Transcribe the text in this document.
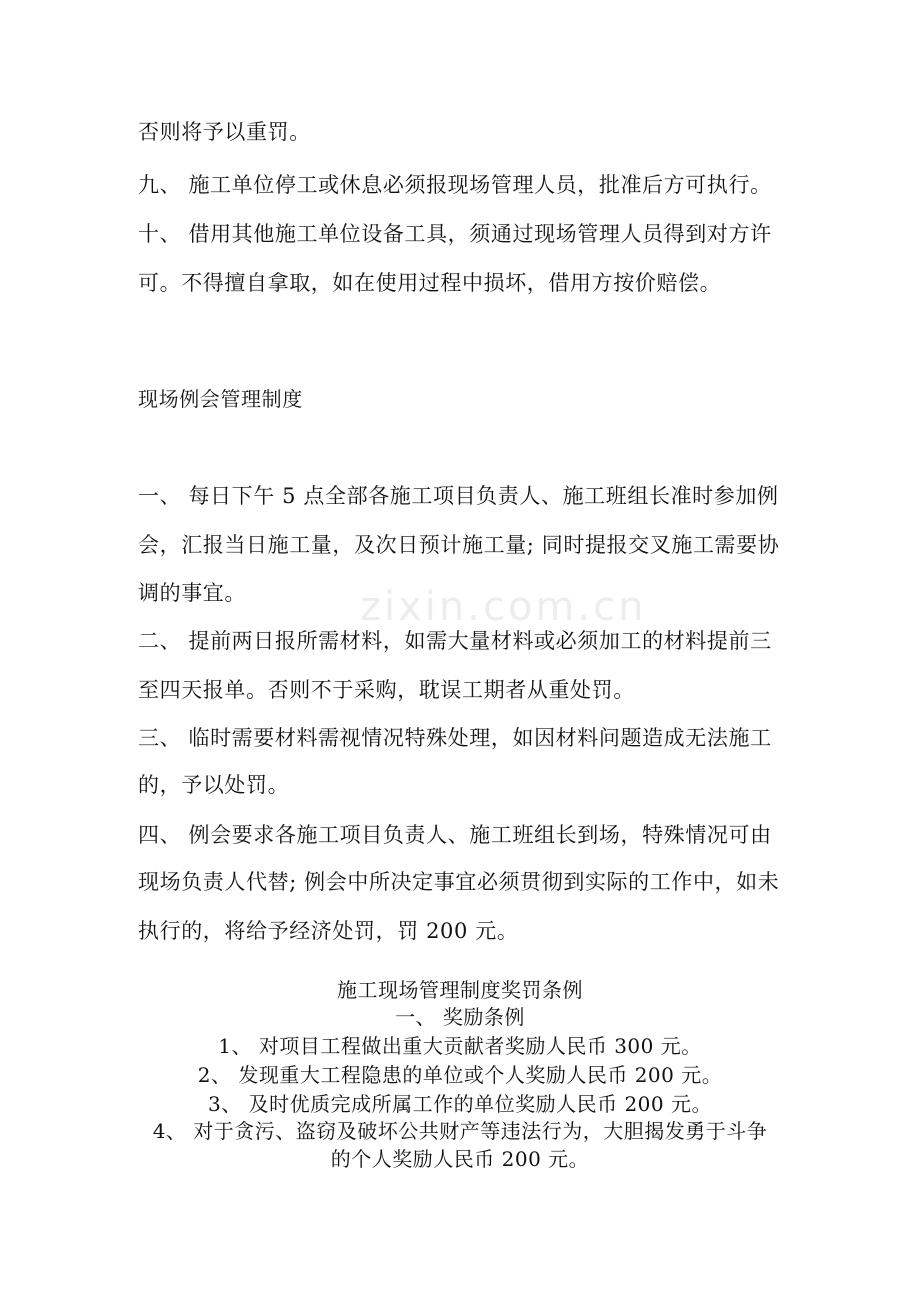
否则将予以重罚。
九、 施工单位停工或休息必须报现场管理人员，批准后方可执行。
十、 借用其他施工单位设备工具，须通过现场管理人员得到对方许
可。不得擅自拿取，如在使用过程中损坏，借用方按价赔偿。
现场例会管理制度
一、 每日下午 5 点全部各施工项目负责人、施工班组长准时参加例
会，汇报当日施工量，及次日预计施工量; 同时提报交叉施工需要协
调的事宜。
二、 提前两日报所需材料，如需大量材料或必须加工的材料提前三
至四天报单。否则不于采购，耽误工期者从重处罚。
三、 临时需要材料需视情况特殊处理，如因材料问题造成无法施工
的，予以处罚。
四、 例会要求各施工项目负责人、施工班组长到场，特殊情况可由
现场负责人代替; 例会中所决定事宜必须贯彻到实际的工作中，如未
执行的，将给予经济处罚，罚 200 元。
施工现场管理制度奖罚条例
一、 奖励条例
1、 对项目工程做出重大贡献者奖励人民币 300 元。
2、 发现重大工程隐患的单位或个人奖励人民币 200 元。
3、 及时优质完成所属工作的单位奖励人民币 200 元。
4、 对于贪污、盗窃及破坏公共财产等违法行为，大胆揭发勇于斗争
的个人奖励人民币 200 元。
zixin.com.cn
